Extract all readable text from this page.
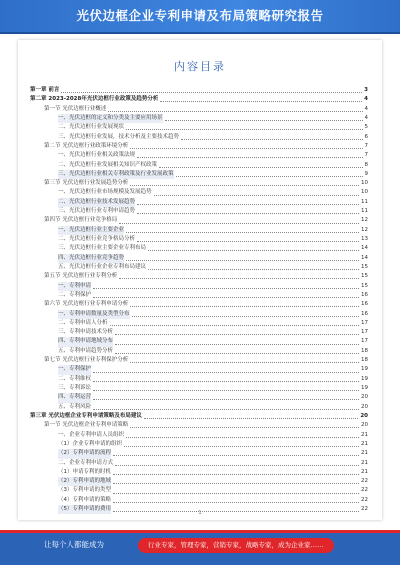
光伏边框企业专利申请及布局策略研究报告
内容目录
第一章 前言	3
第二章 2023-2028年光伏边框行业政策及趋势分析	4
第一节 光伏边框行业概述	4
一、光伏边框的定义和分类及主要应用场景	4
二、光伏边框行业发展现状	5
三、光伏边框行业发展，技术分析及主要技术趋势	6
第二节 光伏边框行业政策环境分析	7
一、光伏边框行业相关政策法规	7
二、光伏边框行业发展相关知识产权政策	8
三、光伏边框行业相关专利政策及行业发展政策	9
第三节 光伏边框行业发展趋势分析	10
一、光伏边框行业市场规模及发展趋势	10
二、光伏边框行业技术发展趋势	11
三、光伏边框行业专利申请趋势	11
第四节 光伏边框行业竞争格局	12
一、光伏边框行业主要企业	12
二、光伏边框行业竞争格局分析	13
三、光伏边框行业主要企业专利布局	14
四、光伏边框行业竞争趋势	14
五、光伏边框行业企业专利布局建议	15
第五节 光伏边框行业专利分析	15
一、专利申请	15
二、专利保护	16
第六节 光伏边框行业专利申请分析	16
一、专利申请数量及类型分布	16
二、专利申请人分析	17
三、专利申请技术分析	17
四、专利申请地域分布	17
五、专利申请趋势分析	18
第七节 光伏边框行业专利保护分析	18
一、专利保护	19
二、专利维权	19
三、专利诉讼	19
四、专利运营	20
五、专利风险	20
第三章 光伏边框企业专利申请策略及布局建议	20
第一节 光伏边框企业专利申请策略	20
一、企业专利申请人员组织	21
（1）企业专利申请的组织	21
（2）专利申请的流程	21
二、企业专利申请方式	21
（1）申请专利的时机	21
（2）专利申请的地域	22
（3）专利申请的类型	22
（4）专利申请的策略	22
（5）专利申请的费用	22
1
让每个人都能成为	行业专家，管理专家，营销专家，战略专家，成为企业家……
